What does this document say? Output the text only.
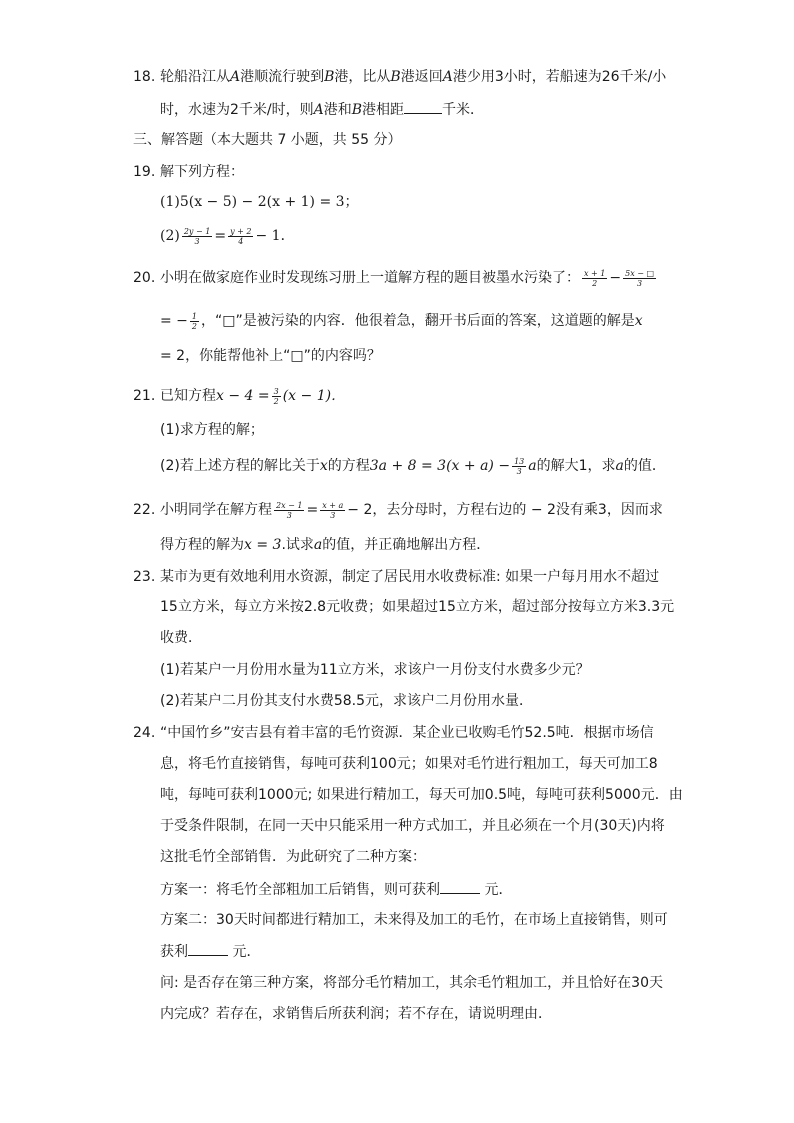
18. 轮船沿江从A港顺流行驶到B港，比从B港返回A港少用3小时，若船速为26千米/小
时，水速为2千米/时，则A港和B港相距	千米．
三、解答题（本大题共 7 小题，共 55 分）
19. 解下列方程：
(1)5(x − 5) − 2(x + 1) = 3；
$(2) \frac{2y - 1}{3} = \frac{y + 2}{4} - 1$．
20. 小明在做家庭作业时发现练习册上一道解方程的题目被墨水污染了： $\frac{x + 1}{2} - \frac{5x - □}{3}$
= − $\frac{1}{2}$ ，“□”是被污染的内容．他很着急，翻开书后面的答案，这道题的解是x
= 2，你能帮他补上“□”的内容吗？
21. 已知方程$x - 4 = \frac{3}{2} (x - 1)$．
(1)求方程的解；
(2)若上述方程的解比关于x的方程$3a + 8 = 3(x + a) - \frac{13}{3}$ a的解大1，求a的值．
22. 小明同学在解方程 $\frac{2x - 1}{3} = \frac{x + a}{3} - 2$，去分母时，方程右边的 − 2没有乘3，因而求
得方程的解为x = 3.试求a的值，并正确地解出方程．
23. 某市为更有效地利用水资源，制定了居民用水收费标准: 如果一户每月用水不超过
15立方米，每立方米按2.8元收费；如果超过15立方米，超过部分按每立方米3.3元
收费．
(1)若某户一月份用水量为11立方米，求该户一月份支付水费多少元？
(2)若某户二月份其支付水费58.5元，求该户二月份用水量．
24. “中国竹乡”安吉县有着丰富的毛竹资源．某企业已收购毛竹52.5吨．根据市场信
息，将毛竹直接销售，每吨可获利100元；如果对毛竹进行粗加工，每天可加工8
吨，每吨可获利1000元; 如果进行精加工，每天可加0.5吨，每吨可获利5000元．由
于受条件限制，在同一天中只能采用一种方式加工，并且必须在一个月(30天)内将
这批毛竹全部销售．为此研究了二种方案：
方案一：将毛竹全部粗加工后销售，则可获利	元．
方案二：30天时间都进行精加工，未来得及加工的毛竹，在市场上直接销售，则可
获利	元．
问: 是否存在第三种方案，将部分毛竹精加工，其余毛竹粗加工，并且恰好在30天
内完成？若存在，求销售后所获利润；若不存在，请说明理由．
